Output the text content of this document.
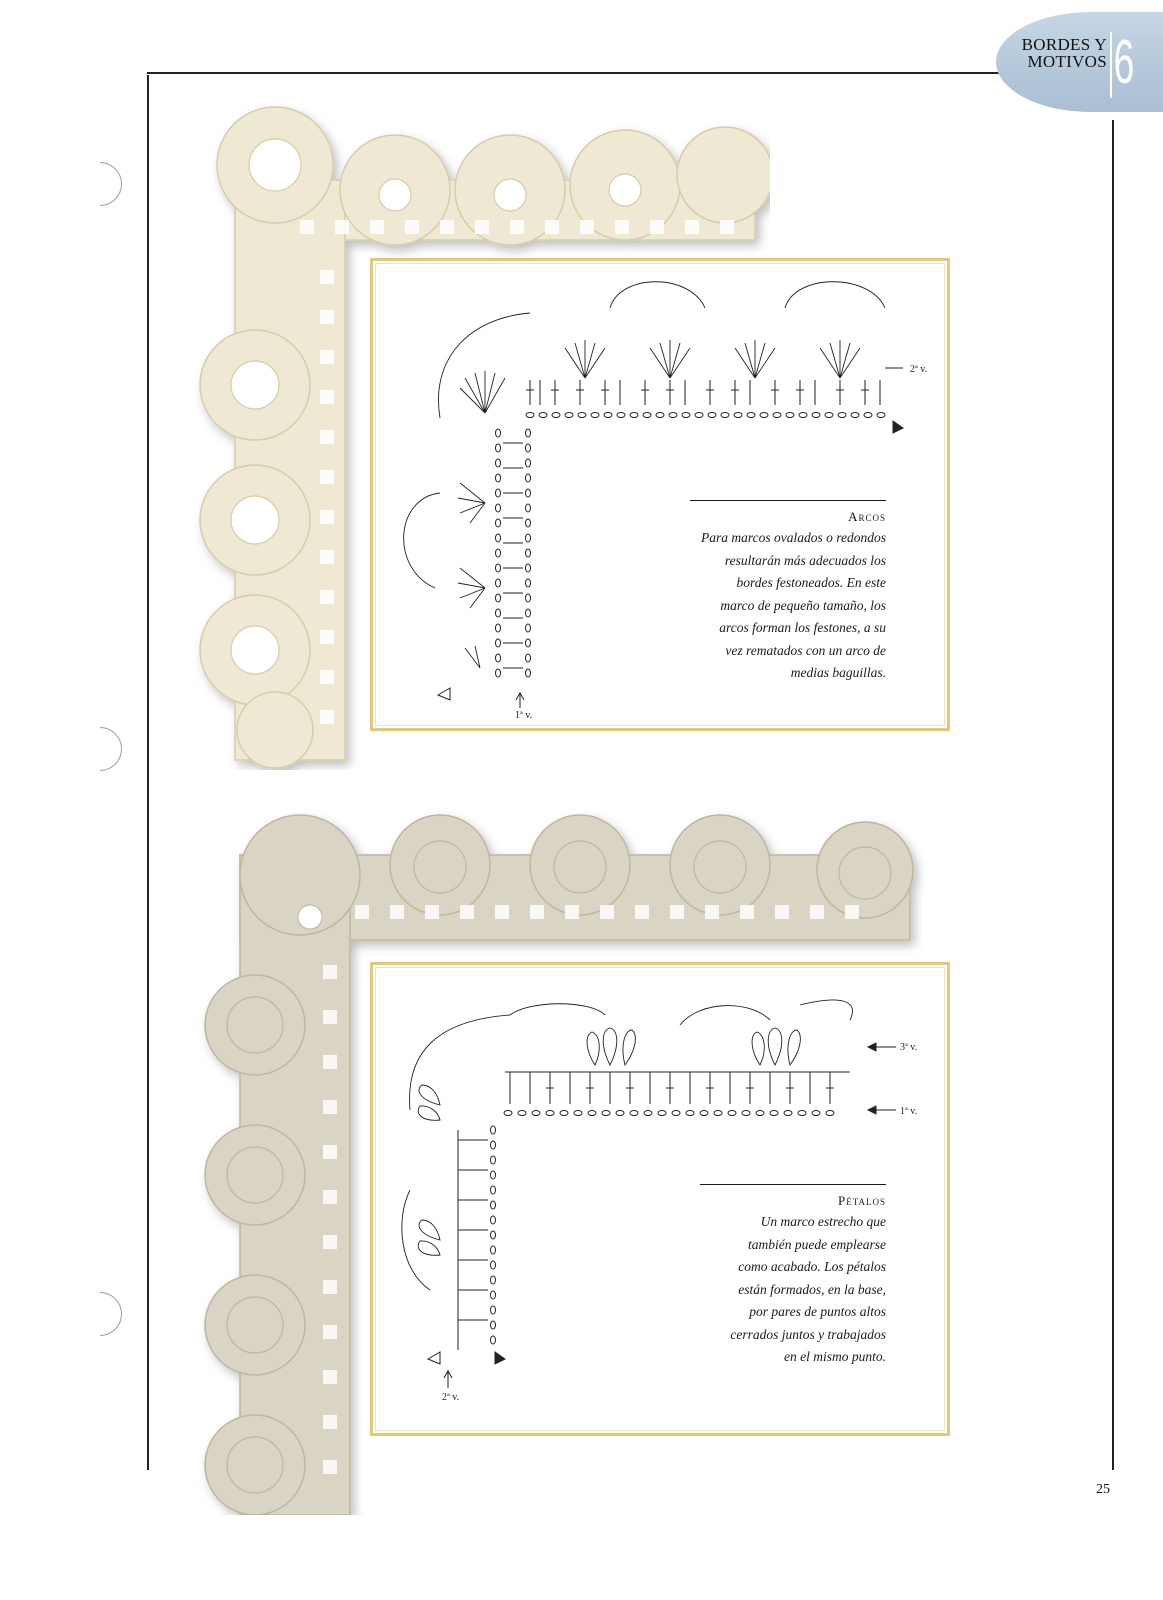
BORDES Y
MOTIVOS 6
2ª v.
1ª v.
Arcos
Para marcos ovalados o redondos
resultarán más adecuados los
bordes festoneados. En este
marco de pequeño tamaño, los
arcos forman los festones, a su
vez rematados con un arco de
medias baguillas.
3ª v.
1ª v.
2ª v.
Pétalos
Un marco estrecho que
también puede emplearse
como acabado. Los pétalos
están formados, en la base,
por pares de puntos altos
cerrados juntos y trabajados
en el mismo punto.
25
